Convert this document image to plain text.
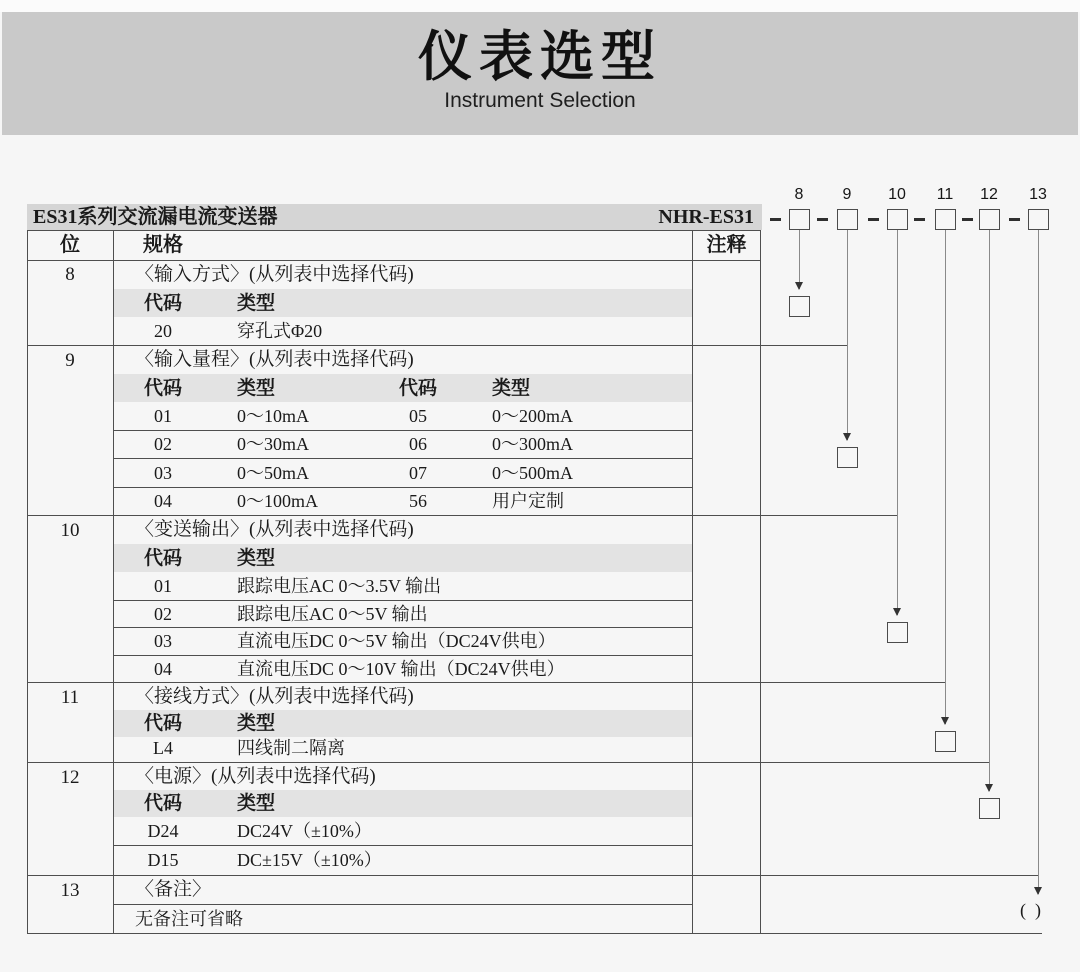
仪表选型
Instrument Selection
ES31系列交流漏电流变送器	NHR-ES31
位	规格	注释
8	〈输入方式〉(从列表中选择代码)
代码	类型
20	穿孔式Φ20
9	〈输入量程〉(从列表中选择代码)
代码	类型	代码	类型
01	0～10mA	05	0～200mA
02	0～30mA	06	0～300mA
03	0～50mA	07	0～500mA
04	0～100mA	56	用户定制
10	〈变送输出〉(从列表中选择代码)
代码	类型
01	跟踪电压AC 0～3.5V 输出
02	跟踪电压AC 0～5V 输出
03	直流电压DC 0～5V 输出（DC24V供电）
04	直流电压DC 0～10V 输出（DC24V供电）
11	〈接线方式〉(从列表中选择代码)
代码	类型
L4	四线制二隔离
12	〈电源〉(从列表中选择代码)
代码	类型
D24	DC24V（±10%）
D15	DC±15V（±10%）
13	〈备注〉
无备注可省略
8	9	10	11	12	13
(  )
